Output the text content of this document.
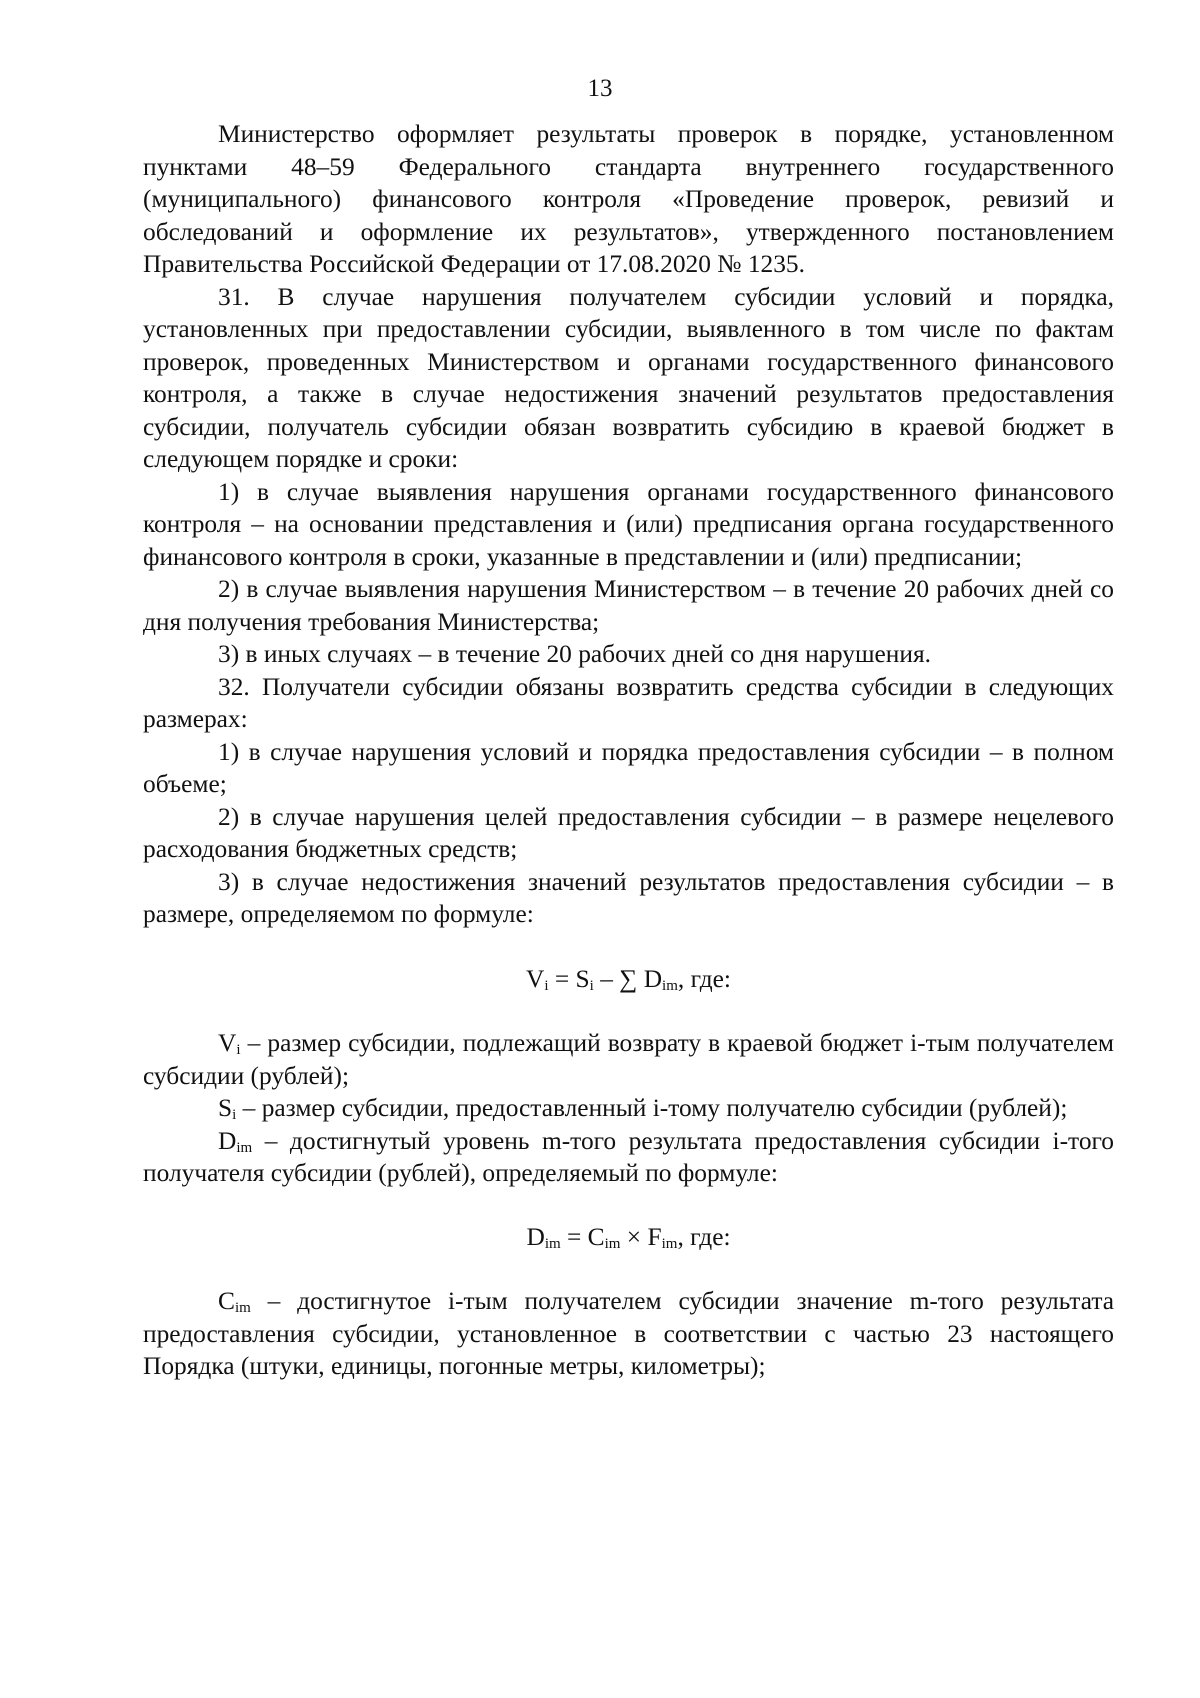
13

Министерство оформляет результаты проверок в порядке, установленном пунктами 48–59 Федерального стандарта внутреннего государственного (муниципального) финансового контроля «Проведение проверок, ревизий и обследований и оформление их результатов», утвержденного постановлением Правительства Российской Федерации от 17.08.2020 № 1235.

31. В случае нарушения получателем субсидии условий и порядка, установленных при предоставлении субсидии, выявленного в том числе по фактам проверок, проведенных Министерством и органами государственного финансового контроля, а также в случае недостижения значений результатов предоставления субсидии, получатель субсидии обязан возвратить субсидию в краевой бюджет в следующем порядке и сроки:

1) в случае выявления нарушения органами государственного финансового контроля – на основании представления и (или) предписания органа государственного финансового контроля в сроки, указанные в представлении и (или) предписании;

2) в случае выявления нарушения Министерством – в течение 20 рабочих дней со дня получения требования Министерства;

3) в иных случаях – в течение 20 рабочих дней со дня нарушения.

32. Получатели субсидии обязаны возвратить средства субсидии в следующих размерах:

1) в случае нарушения условий и порядка предоставления субсидии – в полном объеме;

2) в случае нарушения целей предоставления субсидии – в размере нецелевого расходования бюджетных средств;

3) в случае недостижения значений результатов предоставления субсидии – в размере, определяемом по формуле:

$V_i = S_i$ – ∑ $D_{im}$, где:

$V_i$ – размер субсидии, подлежащий возврату в краевой бюджет i-тым получателем субсидии (рублей);

$S_i$ – размер субсидии, предоставленный i-тому получателю субсидии (рублей);

$D_{im}$ – достигнутый уровень m-того результата предоставления субсидии i-того получателя субсидии (рублей), определяемый по формуле:

$D_{im} = C_{im} \times F_{im}$, где:

$C_{im}$ – достигнутое i-тым получателем субсидии значение m-того результата предоставления субсидии, установленное в соответствии с частью 23 настоящего Порядка (штуки, единицы, погонные метры, километры);
